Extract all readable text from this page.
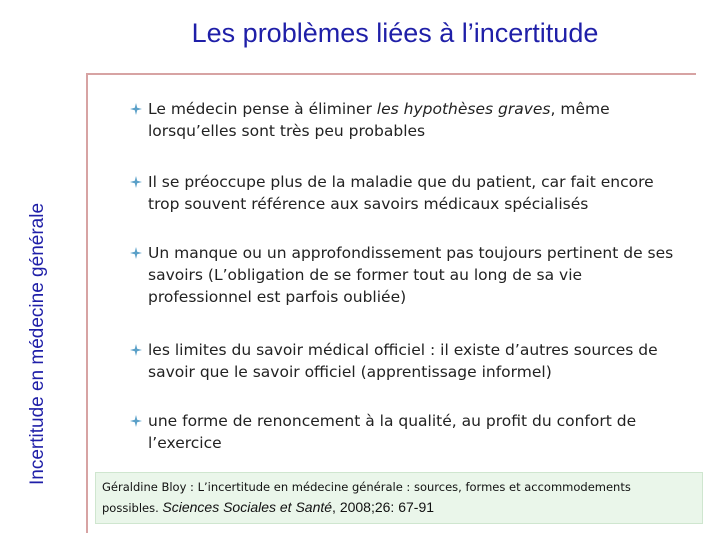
Les problèmes liées à l’incertitude
Incertitude en médecine générale
Le médecin pense à éliminer les hypothèses graves, même lorsqu’elles sont très peu probables
Il se préoccupe plus de la maladie que du patient, car fait encore trop souvent référence aux savoirs médicaux spécialisés
Un manque ou un approfondissement pas toujours pertinent de ses savoirs (L’obligation de se former tout au long de sa vie professionnel est parfois oubliée)
les limites du savoir médical officiel : il existe d’autres sources de savoir que le savoir officiel (apprentissage informel)
une forme de renoncement à la qualité, au profit du confort de l’exercice
Géraldine Bloy : L’incertitude en médecine générale : sources, formes et accommodements
possibles. Sciences Sociales et Santé, 2008;26: 67-91
